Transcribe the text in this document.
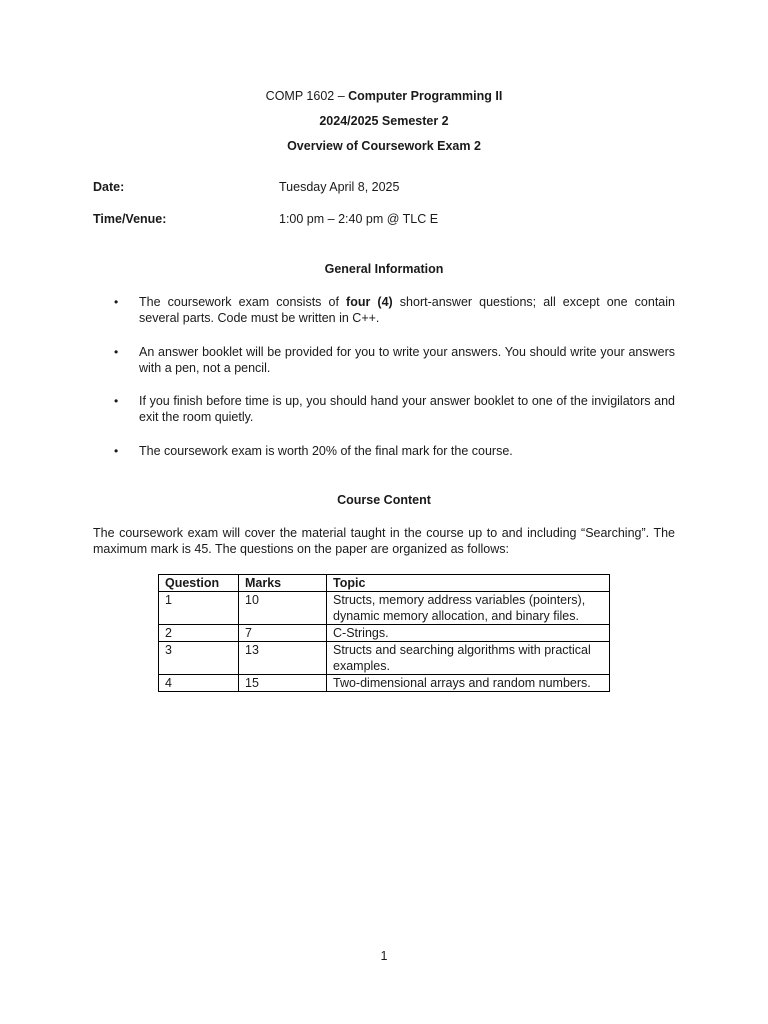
COMP 1602 – Computer Programming II
2024/2025 Semester 2
Overview of Coursework Exam 2
Date:	Tuesday April 8, 2025
Time/Venue:	1:00 pm – 2:40 pm @ TLC E
General Information
•	The coursework exam consists of four (4) short-answer questions; all except one contain several parts. Code must be written in C++.
•	An answer booklet will be provided for you to write your answers. You should write your answers with a pen, not a pencil.
•	If you finish before time is up, you should hand your answer booklet to one of the invigilators and exit the room quietly.
•	The coursework exam is worth 20% of the final mark for the course.
Course Content
The coursework exam will cover the material taught in the course up to and including “Searching”. The maximum mark is 45. The questions on the paper are organized as follows:
Question	Marks	Topic
1	10	Structs, memory address variables (pointers), dynamic memory allocation, and binary files.
2	7	C-Strings.
3	13	Structs and searching algorithms with practical examples.
4	15	Two-dimensional arrays and random numbers.
1
